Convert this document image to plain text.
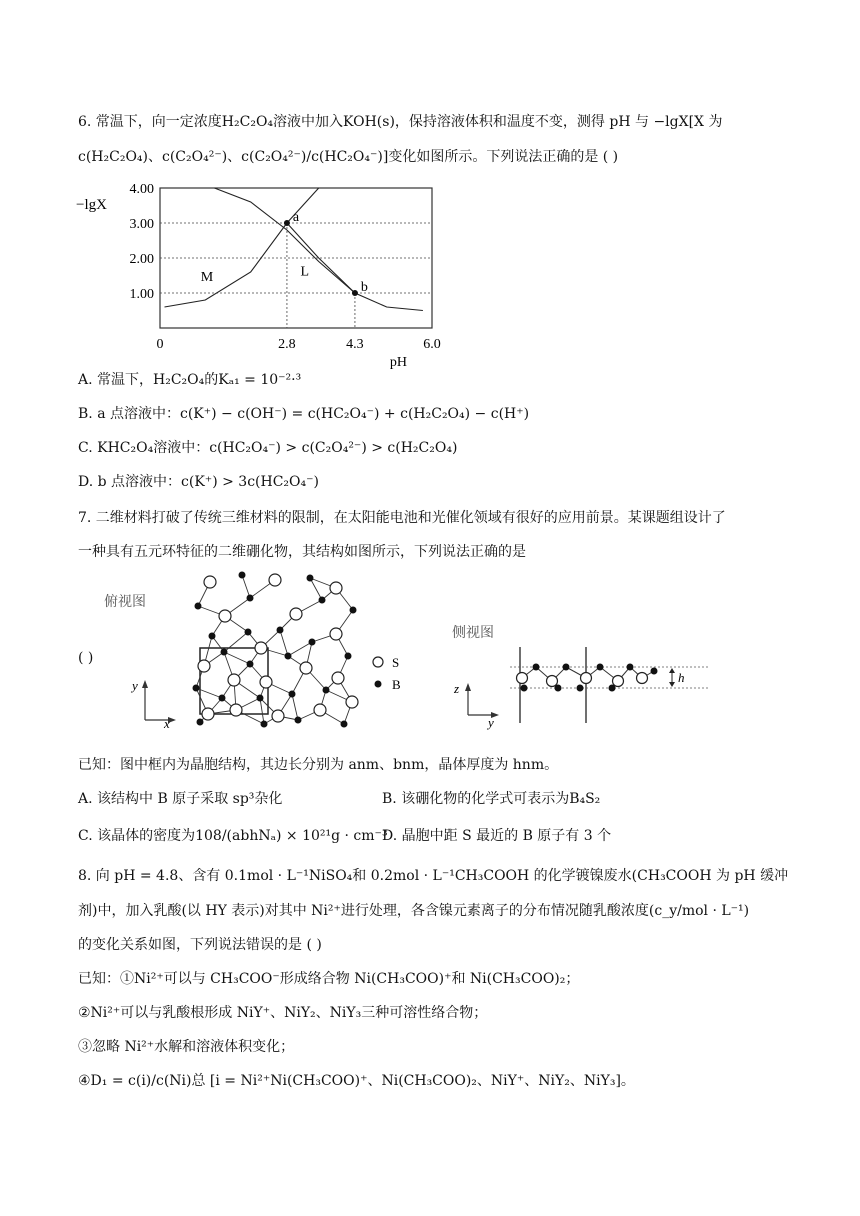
6. 常温下，向一定浓度H₂C₂O₄溶液中加入KOH(s)，保持溶液体积和温度不变，测得 pH 与 −lgX[X 为
c(H₂C₂O₄)、c(C₂O₄²⁻)、c(C₂O₄²⁻)/c(HC₂O₄⁻)]变化如图所示。下列说法正确的是 ( )
1.00
2.00
3.00
4.00
0	2.8	4.3	6.0
−lgX
pH
M	L
a
b
A. 常温下，H₂C₂O₄的Kₐ₁ = 10⁻²·³
B. a 点溶液中：c(K⁺) − c(OH⁻) = c(HC₂O₄⁻) + c(H₂C₂O₄) − c(H⁺)
C. KHC₂O₄溶液中：c(HC₂O₄⁻) > c(C₂O₄²⁻) > c(H₂C₂O₄)
D. b 点溶液中：c(K⁺) > 3c(HC₂O₄⁻)
7. 二维材料打破了传统三维材料的限制，在太阳能电池和光催化领域有很好的应用前景。某课题组设计了
一种具有五元环特征的二维硼化物，其结构如图所示，下列说法正确的是
( )
俯视图
y
x
S
B
侧视图
z
y
h
已知：图中框内为晶胞结构，其边长分别为 anm、bnm，晶体厚度为 hnm。
A. 该结构中 B 原子采取 sp³杂化	B. 该硼化物的化学式可表示为B₄S₂
C. 该晶体的密度为108/(abhNₐ) × 10²¹g · cm⁻³
D. 晶胞中距 S 最近的 B 原子有 3 个
8. 向 pH = 4.8、含有 0.1mol · L⁻¹NiSO₄和 0.2mol · L⁻¹CH₃COOH 的化学镀镍废水(CH₃COOH 为 pH 缓冲
剂)中，加入乳酸(以 HY 表示)对其中 Ni²⁺进行处理，各含镍元素离子的分布情况随乳酸浓度(c_y/mol · L⁻¹)
的变化关系如图，下列说法错误的是 ( )
已知：①Ni²⁺可以与 CH₃COO⁻形成络合物 Ni(CH₃COO)⁺和 Ni(CH₃COO)₂；
②Ni²⁺可以与乳酸根形成 NiY⁺、NiY₂、NiY₃三种可溶性络合物；
③忽略 Ni²⁺水解和溶液体积变化；
④D₁ = c(i)/c(Ni)总 [i = Ni²⁺Ni(CH₃COO)⁺、Ni(CH₃COO)₂、NiY⁺、NiY₂、NiY₃]。
